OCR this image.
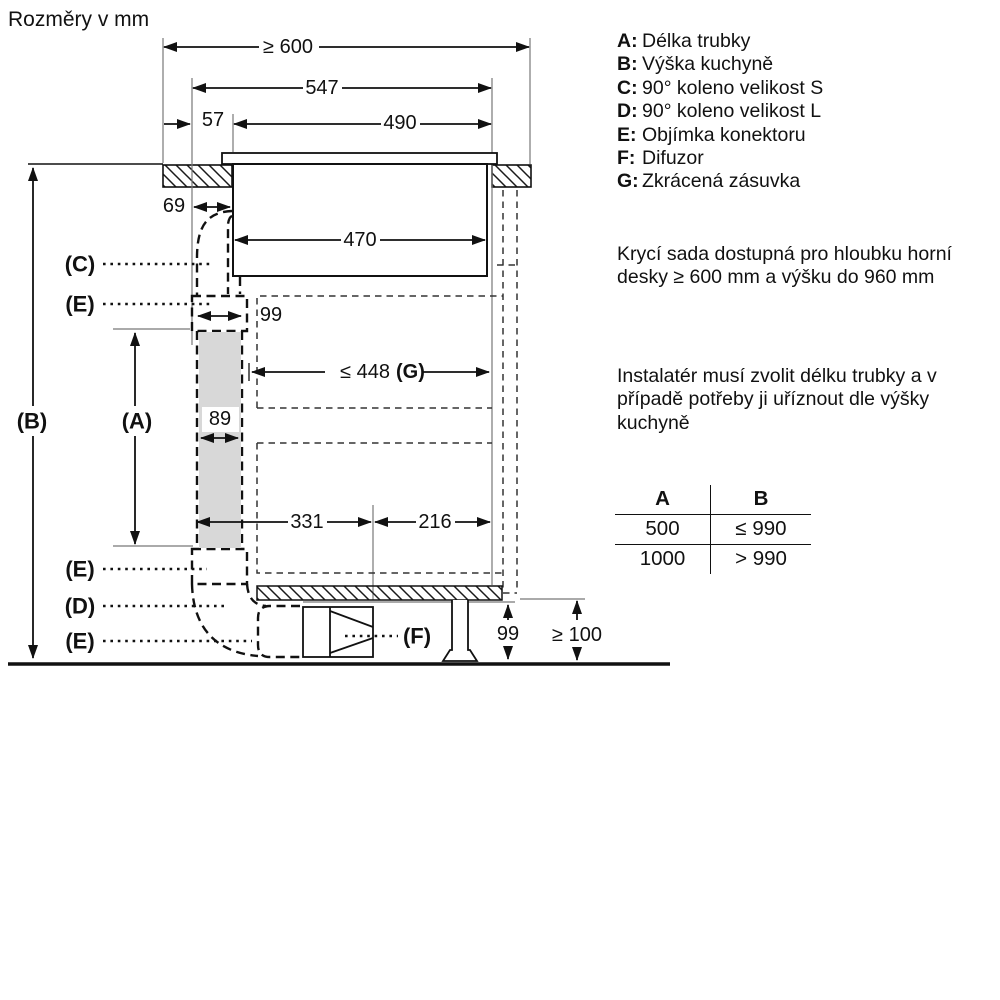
Rozměry v mm
≥ 600
547
57	490
69
470
99
≤ 448 (G)
89
331	216
99 ≥ 100
(C)
(E)
(B)	(A)
(E)
(D)
(E)	(F)
A: Délka trubky
B: Výška kuchyně
C: 90° koleno velikost S
D: 90° koleno velikost L
E: Objímka konektoru
F: Difuzor
G: Zkrácená zásuvka
Krycí sada dostupná pro hloubku horní desky ≥ 600 mm a výšku do 960 mm
Instalatér musí zvolit délku trubky a v případě potřeby ji uříznout dle výšky kuchyně
A	B
500	≤ 990
1000	> 990
